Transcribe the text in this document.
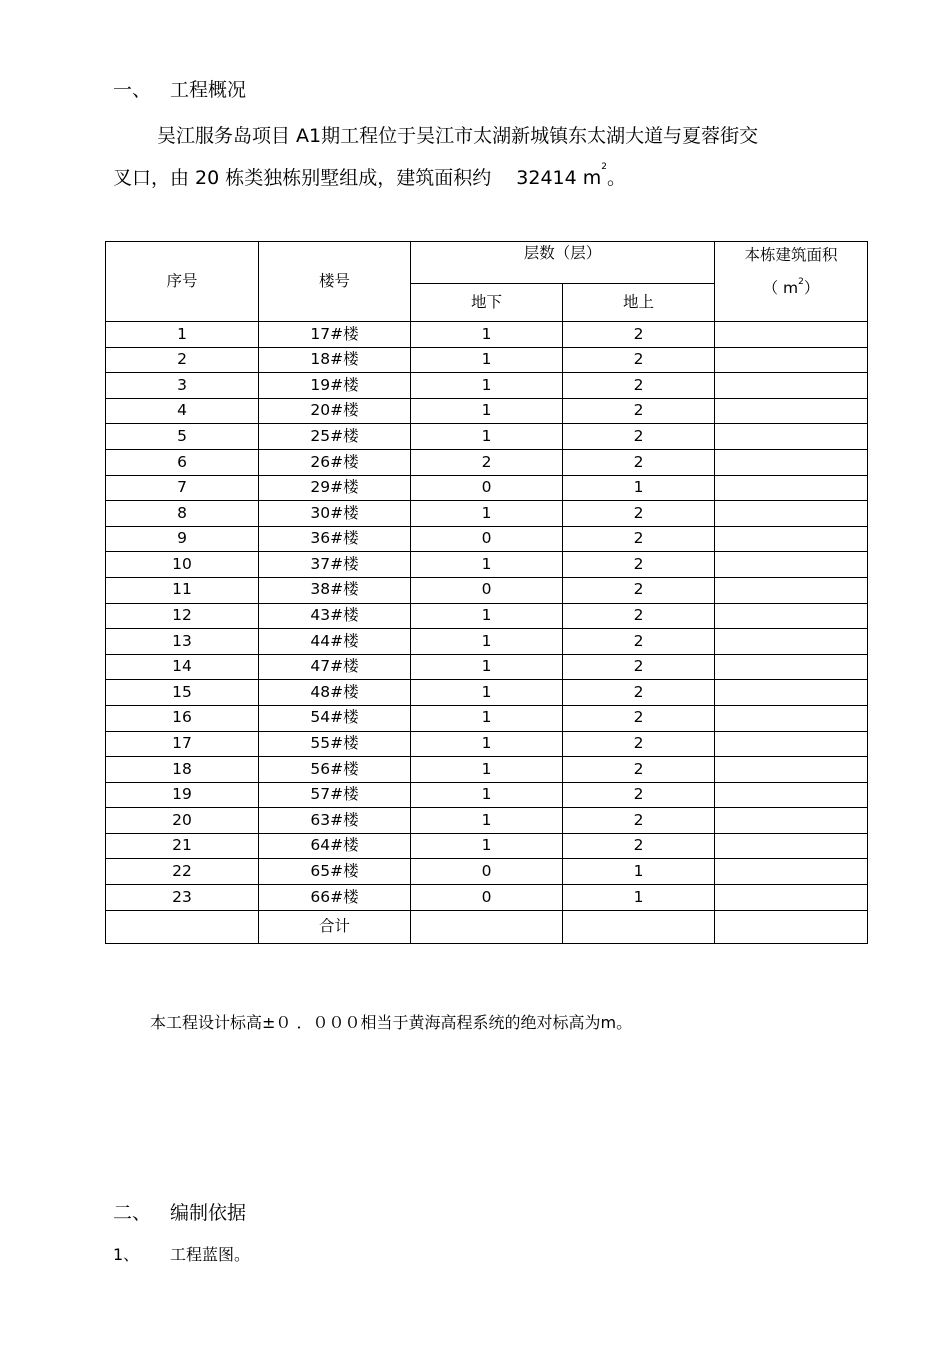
一、 工程概况
吴江服务岛项目 A1期工程位于吴江市太湖新城镇东太湖大道与夏蓉街交
叉口，由 20 栋类独栋别墅组成，建筑面积约　 32414 $m^2$。
序号	楼号	层数（层）		本栋建筑面积
（ $m^2$）

		地下	地上	
1	17#楼	1	2	
2	18#楼	1	2	
3	19#楼	1	2	
4	20#楼	1	2	
5	25#楼	1	2	
6	26#楼	2	2	
7	29#楼	0	1	
8	30#楼	1	2	
9	36#楼	0	2	
10	37#楼	1	2	
11	38#楼	0	2	
12	43#楼	1	2	
13	44#楼	1	2	
14	47#楼	1	2	
15	48#楼	1	2	
16	54#楼	1	2	
17	55#楼	1	2	
18	56#楼	1	2	
19	57#楼	1	2	
20	63#楼	1	2	
21	64#楼	1	2	
22	65#楼	0	1	
23	66#楼	0	1	
	合计			
本工程设计标高±０ ．０００相当于黄海高程系统的绝对标高为m。
二、 编制依据
1、 工程蓝图。
